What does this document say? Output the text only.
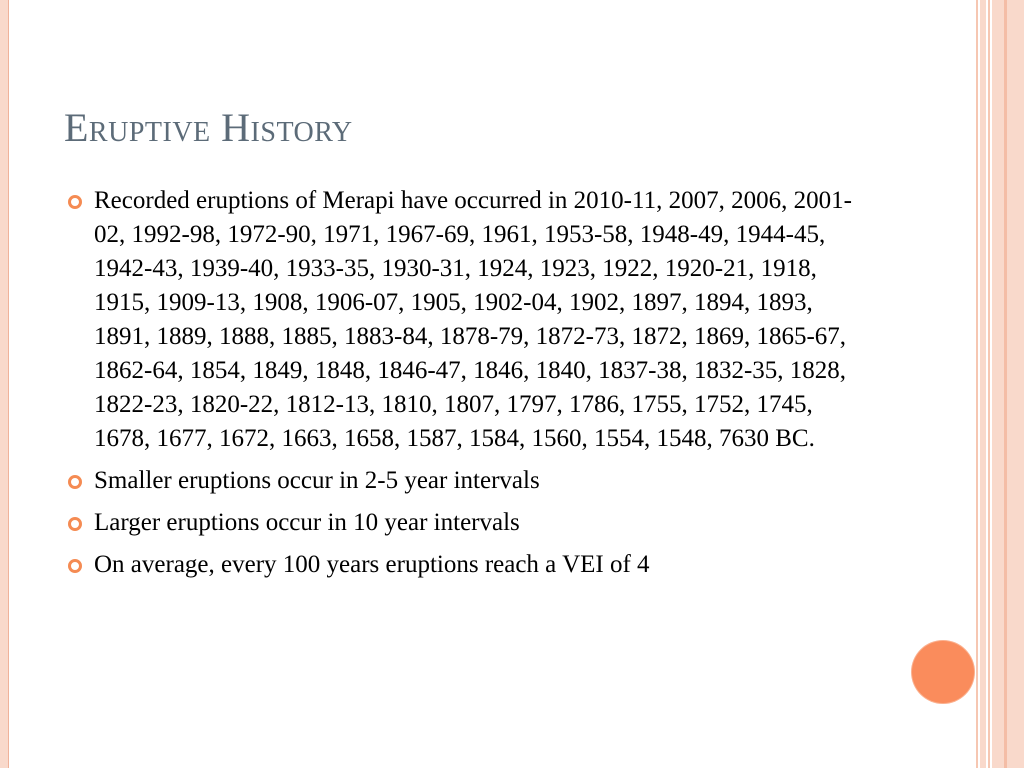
Eruptive History
Recorded eruptions of Merapi have occurred in 2010-11, 2007, 2006, 2001-02, 1992-98, 1972-90, 1971, 1967-69, 1961, 1953-58, 1948-49, 1944-45, 1942-43, 1939-40, 1933-35, 1930-31, 1924, 1923, 1922, 1920-21, 1918, 1915, 1909-13, 1908, 1906-07, 1905, 1902-04, 1902, 1897, 1894, 1893, 1891, 1889, 1888, 1885, 1883-84, 1878-79, 1872-73, 1872, 1869, 1865-67, 1862-64, 1854, 1849, 1848, 1846-47, 1846, 1840, 1837-38, 1832-35, 1828, 1822-23, 1820-22, 1812-13, 1810, 1807, 1797, 1786, 1755, 1752, 1745, 1678, 1677, 1672, 1663, 1658, 1587, 1584, 1560, 1554, 1548, 7630 BC.
Smaller eruptions occur in 2-5 year intervals
Larger eruptions occur in 10 year intervals
On average, every 100 years eruptions reach a VEI of 4
